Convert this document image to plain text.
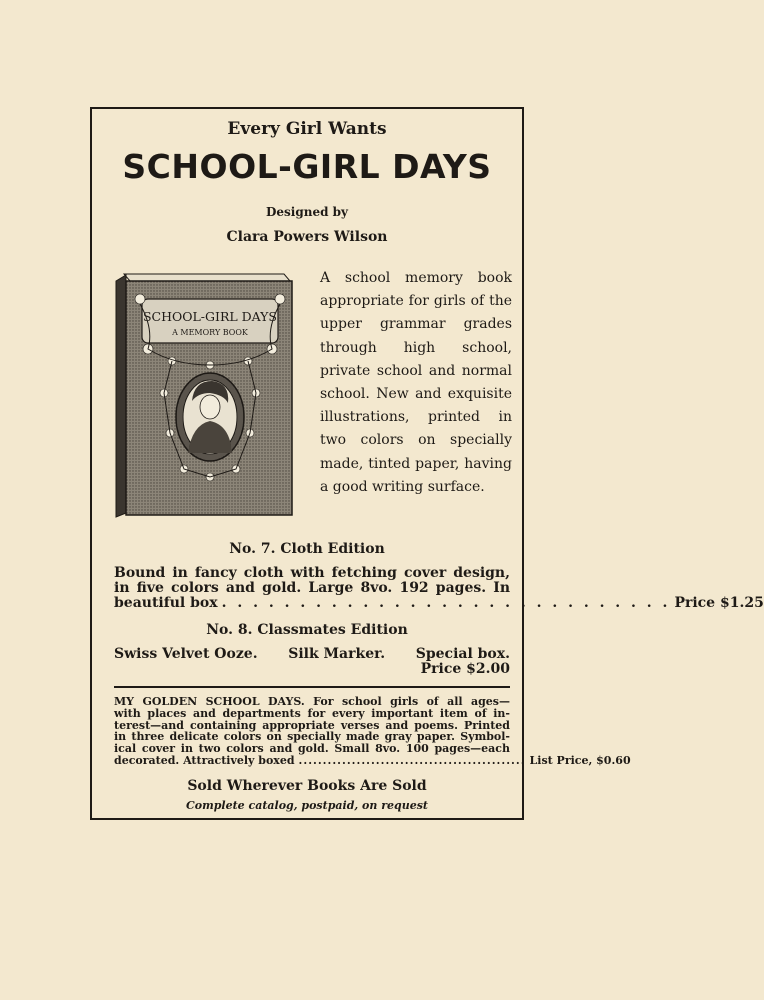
Every Girl Wants
SCHOOL-GIRL DAYS
Designed by
Clara Powers Wilson
SCHOOL-GIRL DAYS
A MEMORY BOOK
A school memory book appropriate for girls of the upper grammar grades through high school, private school and normal school. New and exquisite illustrations, printed in two colors on specially made, tinted paper, having a good writing surface.
No. 7. Cloth Edition
Bound in fancy cloth with fetching cover design,
in five colors and gold. Large 8vo. 192 pages. In
beautiful box . . . . . . . . . . . . . . . . . . . . . . . . . . . . . Price $1.25
No. 8. Classmates Edition
Swiss Velvet Ooze. Silk Marker. Special box.
Price $2.00
MY GOLDEN SCHOOL DAYS. For school girls of all ages—
with places and departments for every important item of in-
terest—and containing appropriate verses and poems. Printed
in three delicate colors on specially made gray paper. Symbol-
ical cover in two colors and gold. Small 8vo. 100 pages—each
decorated. Attractively boxed ............................................... List Price, $0.60
Sold Wherever Books Are Sold
Complete catalog, postpaid, on request
